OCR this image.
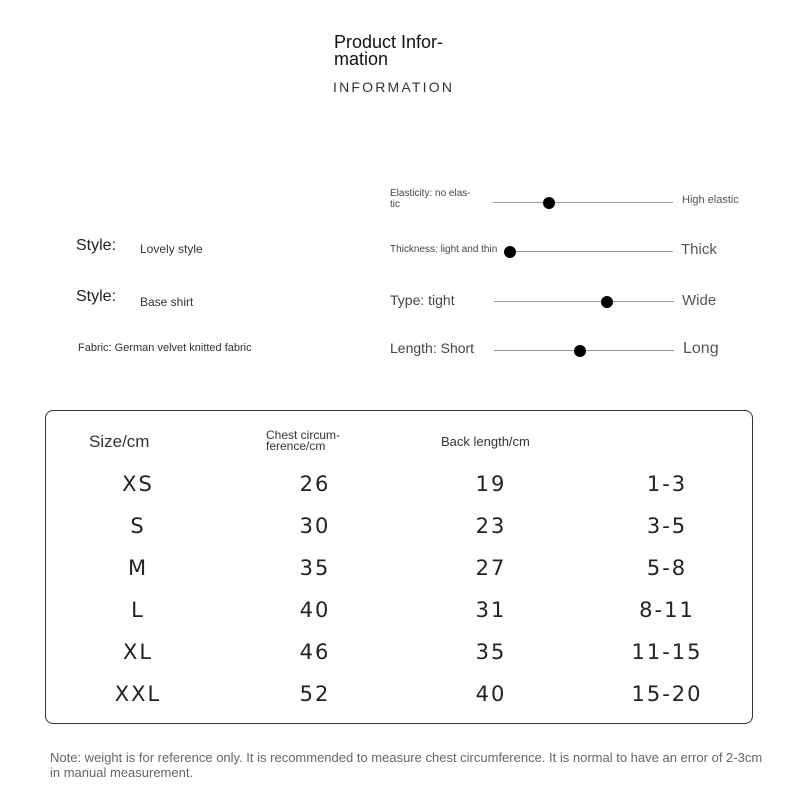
Product Infor-
mation
INFORMATION
Style: Lovely style
Style: Base shirt
Fabric: German velvet knitted fabric
Elasticity: no elas-
tic	High elastic
Thickness: light and thin	Thick
Type: tight	Wide
Length: Short	Long
Size/cm	Chest circum-
ference/cm	Back length/cm
XS	26	19	1-3
S	30	23	3-5
M	35	27	5-8
L	40	31	8-11
XL	46	35	11-15
XXL	52	40	15-20
Note: weight is for reference only. It is recommended to measure chest circumference. It is normal to have an error of 2-3cm in manual measurement.
